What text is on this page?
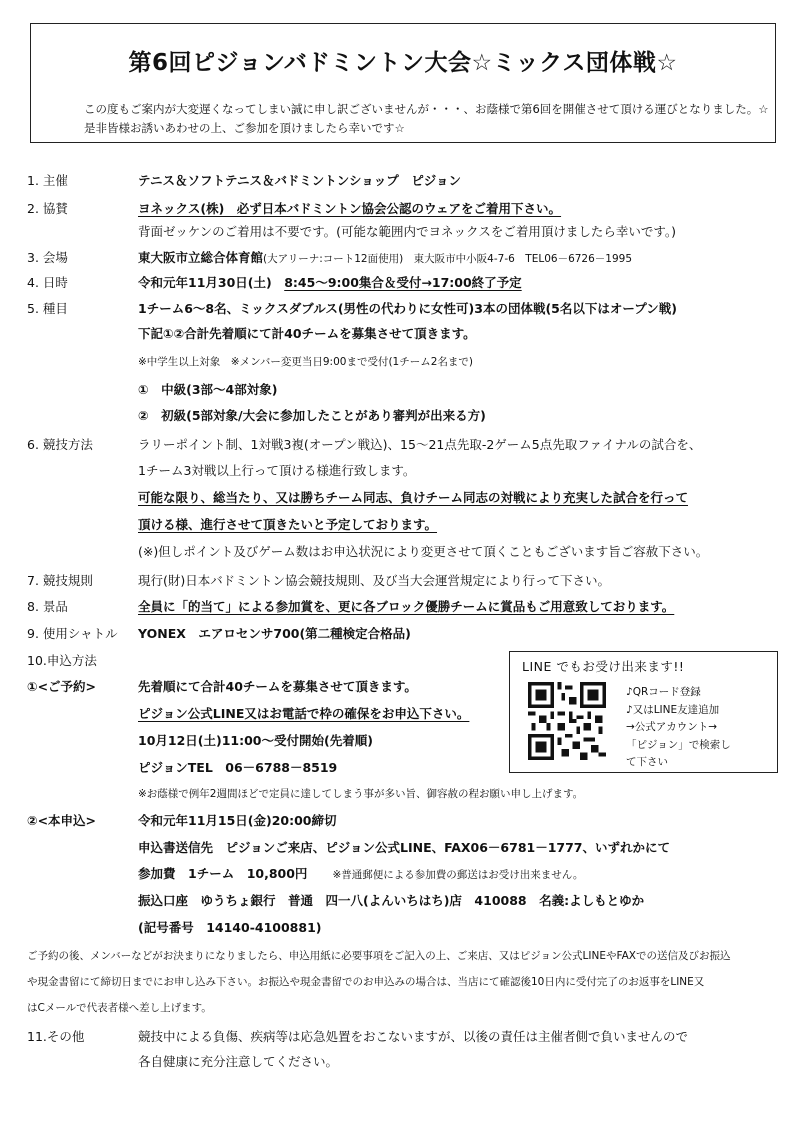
第6回ピジョンバドミントン大会☆ミックス団体戦☆
この度もご案内が大変遅くなってしまい誠に申し訳ございませんが・・・、お蔭様で第6回を開催させて頂ける運びとなりました。☆是非皆様お誘いあわせの上、ご参加を頂けましたら幸いです☆
1. 主催	テニス＆ソフトテニス＆バドミントンショップ　ピジョン
2. 協賛	ヨネックス(株)　必ず日本バドミントン協会公認のウェアをご着用下さい。
背面ゼッケンのご着用は不要です。(可能な範囲内でヨネックスをご着用頂けましたら幸いです。)
3. 会場	東大阪市立総合体育館(大アリーナ:コート12面使用)　東大阪市中小阪4-7-6　TEL06－6726－1995
4. 日時	令和元年11月30日(土)　 8:45～9:00集合＆受付→17:00終了予定
5. 種目	1チーム6～8名、ミックスダブルス(男性の代わりに女性可)3本の団体戦(5名以下はオープン戦)
下記①②合計先着順にて計40チームを募集させて頂きます。
※中学生以上対象　※メンバー変更当日9:00まで受付(1チーム2名まで)
①　 中級(3部～4部対象)
②　 初級(5部対象/大会に参加したことがあり審判が出来る方)
6. 競技方法	ラリーポイント制、1対戦3複(オープン戦込)、15～21点先取-2ゲーム5点先取ファイナルの試合を、
1チーム3対戦以上行って頂ける様進行致します。
可能な限り、総当たり、又は勝ちチーム同志、負けチーム同志の対戦により充実した試合を行って
頂ける様、進行させて頂きたいと予定しております。
(※)但しポイント及びゲーム数はお申込状況により変更させて頂くこともございます旨ご容赦下さい。
7. 競技規則	現行(財)日本バドミントン協会競技規則、及び当大会運営規定により行って下さい。
8. 景品	全員に「的当て」による参加賞を、更に各ブロック優勝チームに賞品もご用意致しております。
9. 使用シャトル YONEX　エアロセンサ700(第二種検定合格品)
10.申込方法
①<ご予約>	先着順にて合計40チームを募集させて頂きます。
ピジョン公式LINE又はお電話で枠の確保をお申込下さい。
10月12日(土)11:00～受付開始(先着順)
ピジョンTEL　06－6788－8519
※お蔭様で例年2週間ほどで定員に達してしまう事が多い旨、御容赦の程お願い申し上げます。
②<本申込>	令和元年11月15日(金)20:00締切
申込書送信先　ピジョンご来店、ピジョン公式LINE、FAX06－6781－1777、いずれかにて
参加費　1チーム　10,800円　　 ※普通郵便による参加費の郵送はお受け出来ません。
振込口座　ゆうちょ銀行　普通　四一八(よんいちはち)店　410088　名義:よしもとゆか
(記号番号　14140-4100881)
ご予約の後、メンバーなどがお決まりになりましたら、申込用紙に必要事項をご記入の上、ご来店、又はピジョン公式LINEやFAXでの送信及びお振込
や現金書留にて締切日までにお申し込み下さい。お振込や現金書留でのお申込みの場合は、当店にて確認後10日内に受付完了のお返事をLINE又
はCメールで代表者様へ差し上げます。
11.その他	競技中による負傷、疾病等は応急処置をおこないますが、以後の責任は主催者側で負いませんので
各自健康に充分注意してください。
LINE でもお受け出来ます!!
♪QRコード登録
♪又はLINE友達追加
→公式アカウント→
「ピジョン」で検索し
て下さい
